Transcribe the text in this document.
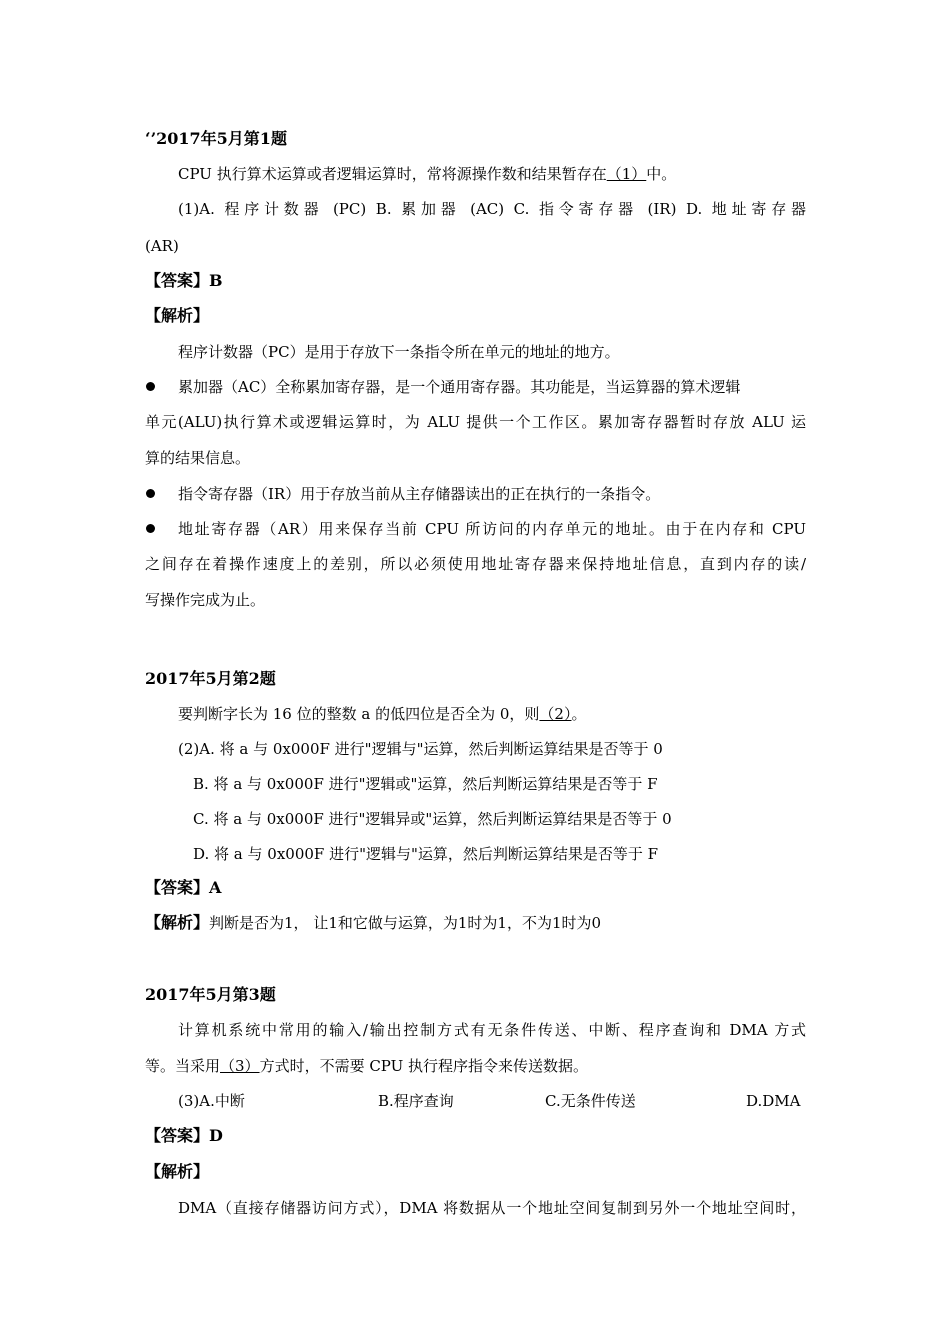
‘’2017年5月第1题
CPU 执行算术运算或者逻辑运算时，常将源操作数和结果暂存在（1）中。
(1)A. 程序计数器 (PC) B. 累加器 (AC) C. 指令寄存器 (IR) D. 地址寄存器
(AR)
【答案】B
【解析】
程序计数器（PC）是用于存放下一条指令所在单元的地址的地方。
累加器（AC）全称累加寄存器，是一个通用寄存器。其功能是，当运算器的算术逻辑
单元(ALU)执行算术或逻辑运算时，为 ALU 提供一个工作区。累加寄存器暂时存放 ALU 运
算的结果信息。
指令寄存器（IR）用于存放当前从主存储器读出的正在执行的一条指令。
地址寄存器（AR）用来保存当前 CPU 所访问的内存单元的地址。由于在内存和 CPU
之间存在着操作速度上的差别，所以必须使用地址寄存器来保持地址信息，直到内存的读/
写操作完成为止。
2017年5月第2题
要判断字长为 16 位的整数 a 的低四位是否全为 0，则（2）。
(2)A. 将 a 与 0x000F 进行"逻辑与"运算，然后判断运算结果是否等于 0
B. 将 a 与 0x000F 进行"逻辑或"运算，然后判断运算结果是否等于 F
C. 将 a 与 0x000F 进行"逻辑异或"运算，然后判断运算结果是否等于 0
D. 将 a 与 0x000F 进行"逻辑与"运算，然后判断运算结果是否等于 F
【答案】A
【解析】判断是否为1， 让1和它做与运算，为1时为1，不为1时为0
2017年5月第3题
计算机系统中常用的输入/输出控制方式有无条件传送、中断、程序查询和 DMA 方式
等。当采用（3）方式时，不需要 CPU 执行程序指令来传送数据。
(3)A.中断	B.程序查询	C.无条件传送	D.DMA
【答案】D
【解析】
DMA（直接存储器访问方式），DMA 将数据从一个地址空间复制到另外一个地址空间时，
